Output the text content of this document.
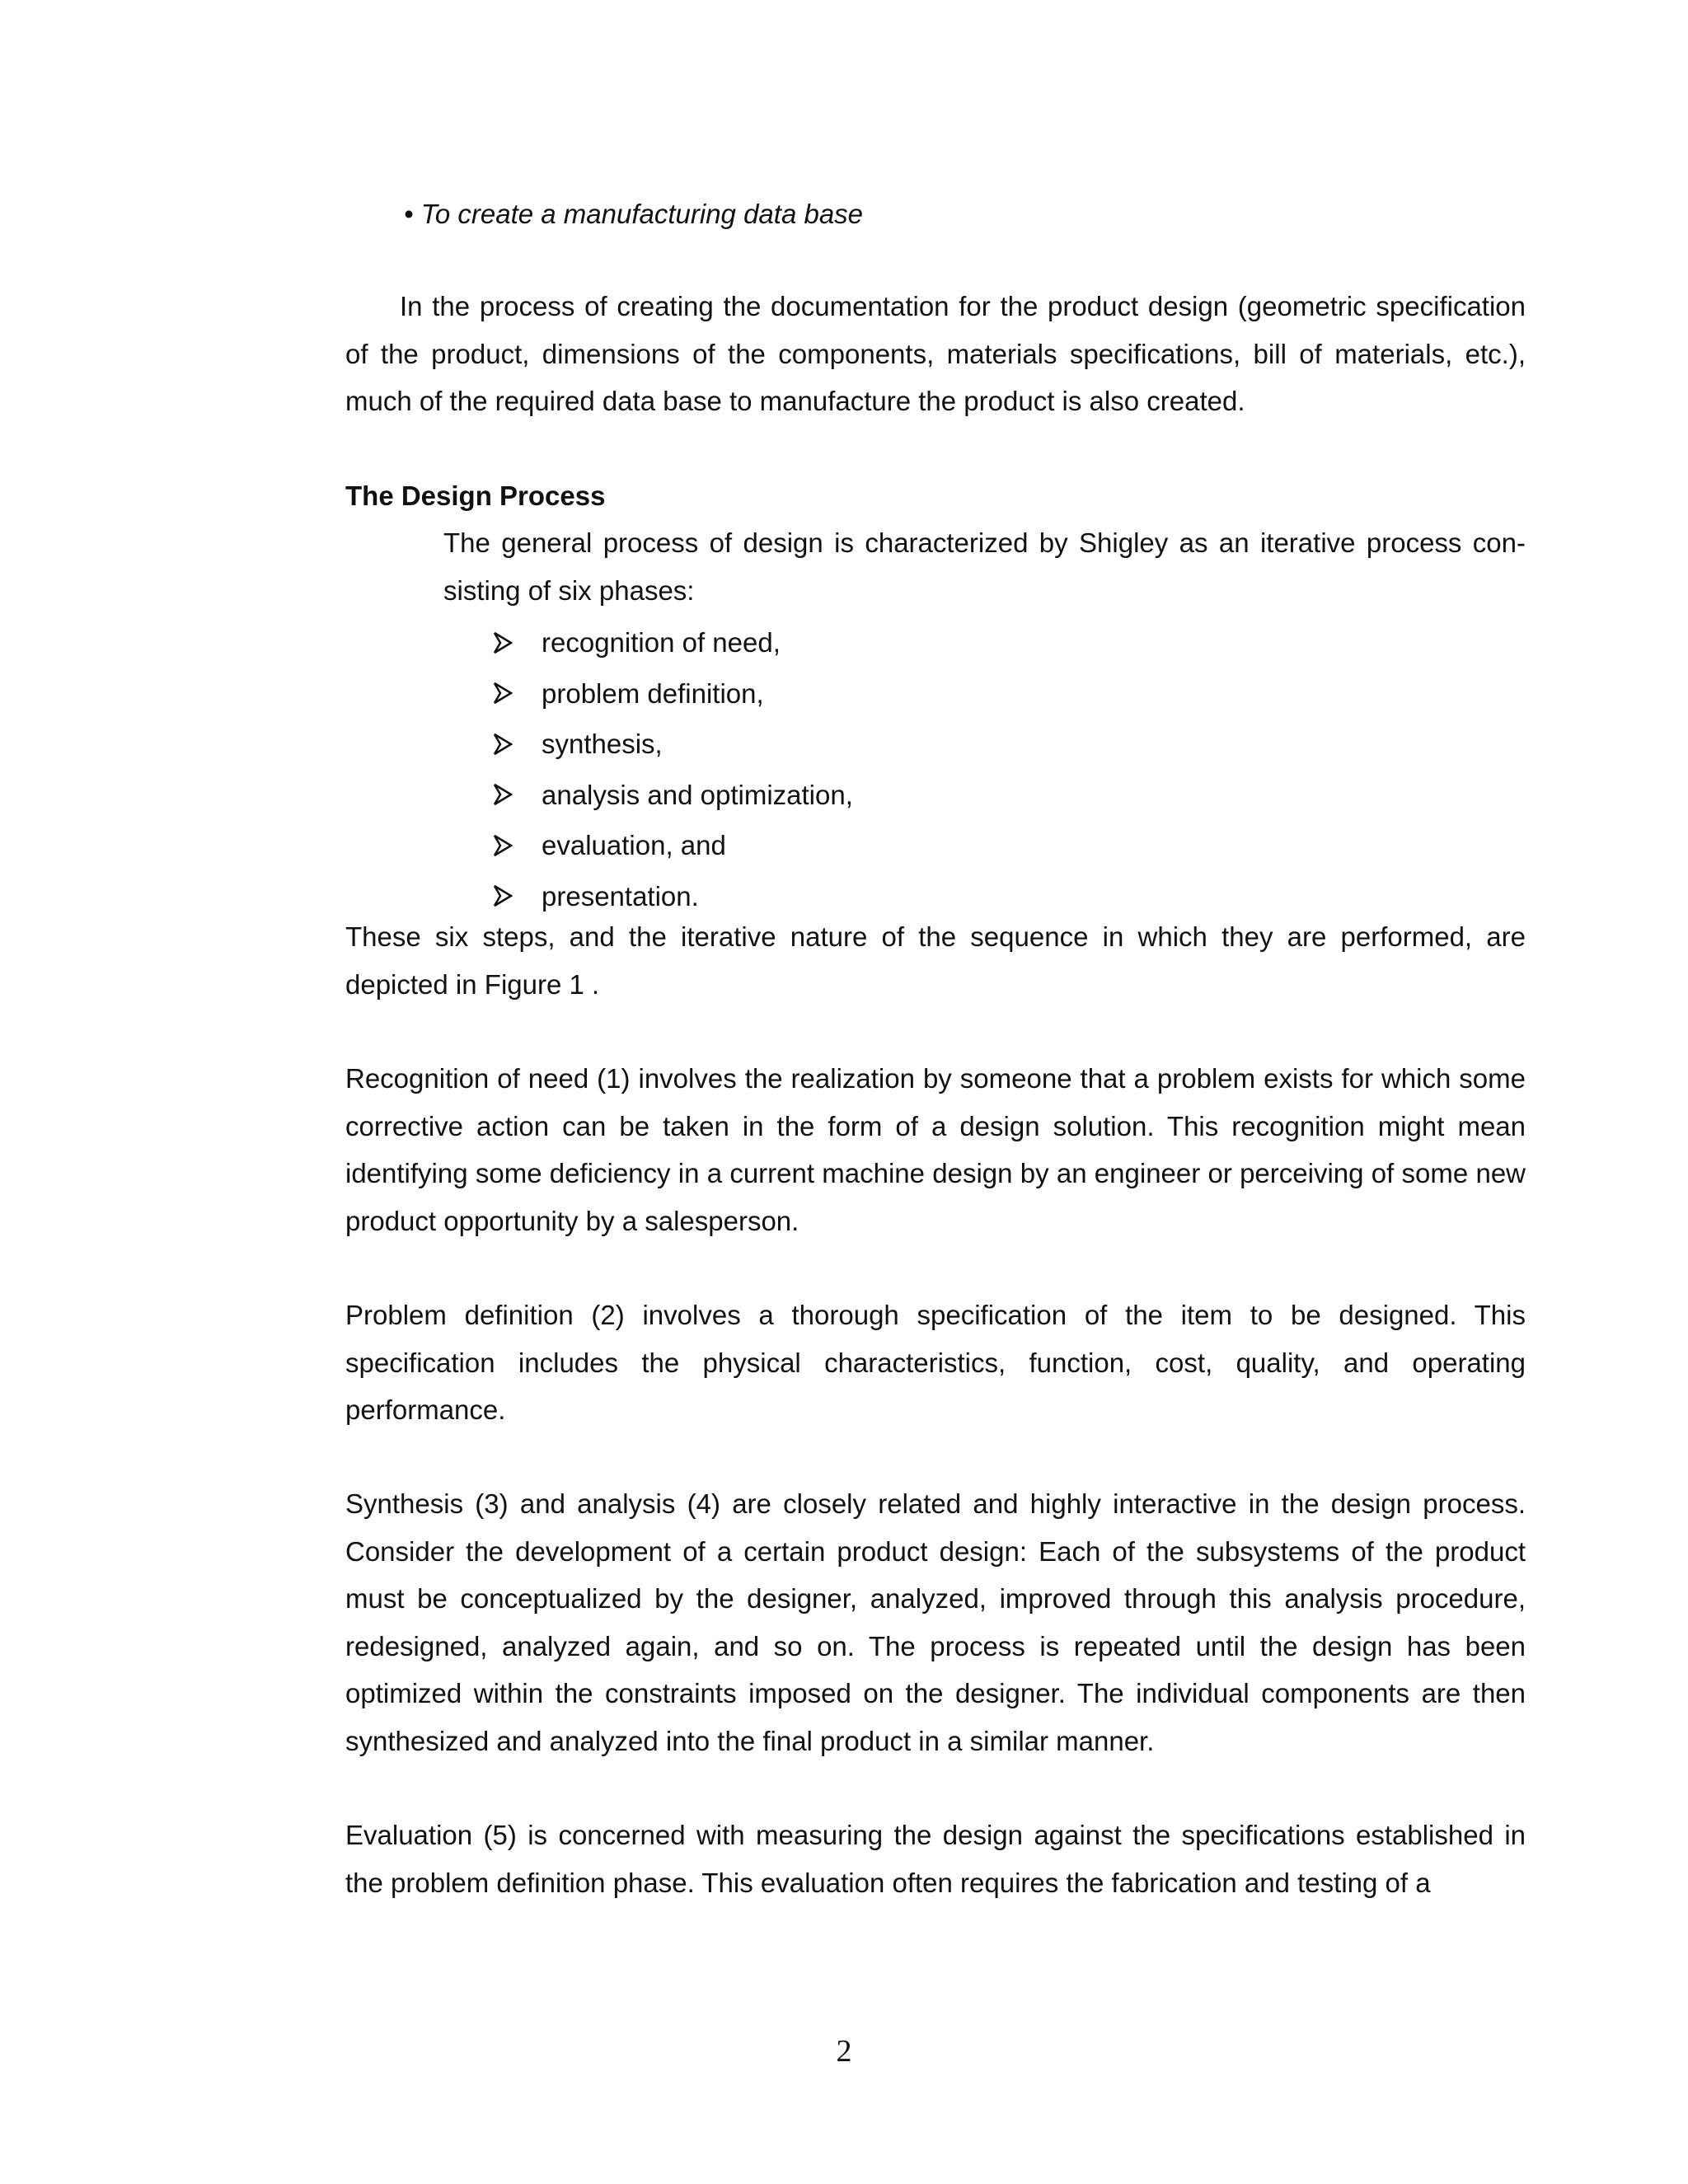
• To create a manufacturing data base

In the process of creating the documentation for the product design (geometric specification of the product, dimensions of the components, materials specifications, bill of materials, etc.), much of the required data base to manufacture the product is also created.

The Design Process

The general process of design is characterized by Shigley as an iterative process con-sisting of six phases:

recognition of need,
problem definition,
synthesis,
analysis and optimization,
evaluation, and
presentation.

These six steps, and the iterative nature of the sequence in which they are performed, are depicted in Figure 1 .

Recognition of need (1) involves the realization by someone that a problem exists for which some corrective action can be taken in the form of a design solution. This recognition might mean identifying some deficiency in a current machine design by an engineer or perceiving of some new product opportunity by a salesperson.

Problem definition (2) involves a thorough specification of the item to be designed. This specification includes the physical characteristics, function, cost, quality, and operating performance.

Synthesis (3) and analysis (4) are closely related and highly interactive in the design process. Consider the development of a certain product design: Each of the subsystems of the product must be conceptualized by the designer, analyzed, improved through this analysis procedure, redesigned, analyzed again, and so on. The process is repeated until the design has been optimized within the constraints imposed on the designer. The individual components are then synthesized and analyzed into the final product in a similar manner.

Evaluation (5) is concerned with measuring the design against the specifications established in the problem definition phase. This evaluation often requires the fabrication and testing of a

2
